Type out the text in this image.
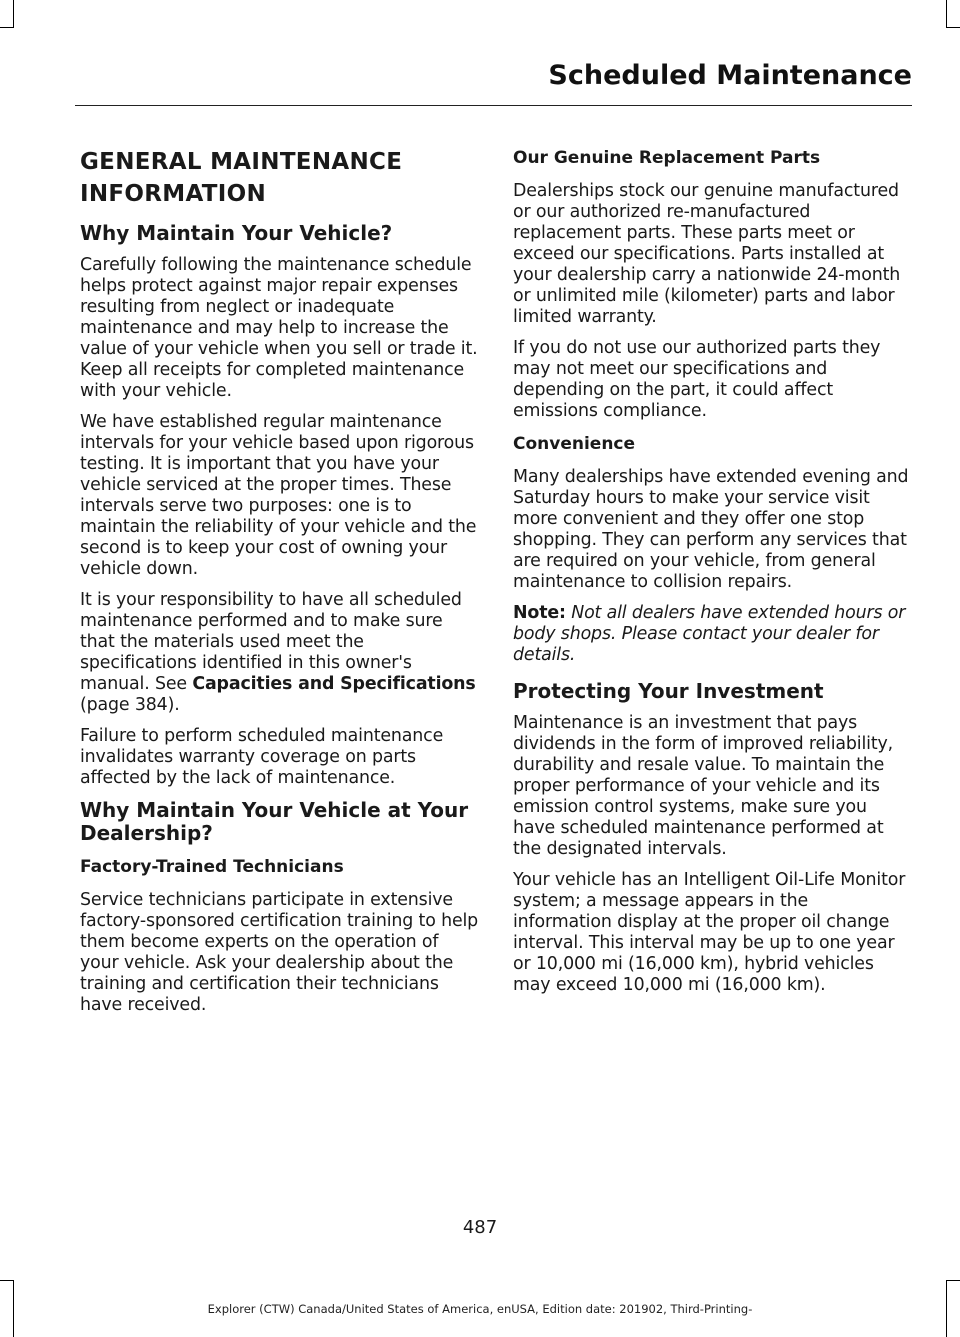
Scheduled Maintenance
GENERAL MAINTENANCE
INFORMATION
Why Maintain Your Vehicle?

Carefully following the maintenance schedule helps protect against major repair expenses resulting from neglect or inadequate maintenance and may help to increase the value of your vehicle when you sell or trade it. Keep all receipts for completed maintenance with your vehicle.

We have established regular maintenance intervals for your vehicle based upon rigorous testing. It is important that you have your vehicle serviced at the proper times. These intervals serve two purposes: one is to maintain the reliability of your vehicle and the second is to keep your cost of owning your vehicle down.

It is your responsibility to have all scheduled maintenance performed and to make sure that the materials used meet the specifications identified in this owner's manual. See Capacities and Specifications (page 384).

Failure to perform scheduled maintenance invalidates warranty coverage on parts affected by the lack of maintenance.

Why Maintain Your Vehicle at Your Dealership?
Factory-Trained Technicians

Service technicians participate in extensive factory-sponsored certification training to help them become experts on the operation of your vehicle. Ask your dealership about the training and certification their technicians have received.

Our Genuine Replacement Parts

Dealerships stock our genuine manufactured or our authorized re-manufactured replacement parts. These parts meet or exceed our specifications. Parts installed at your dealership carry a nationwide 24-month or unlimited mile (kilometer) parts and labor limited warranty.

If you do not use our authorized parts they may not meet our specifications and depending on the part, it could affect emissions compliance.

Convenience

Many dealerships have extended evening and Saturday hours to make your service visit more convenient and they offer one stop shopping. They can perform any services that are required on your vehicle, from general maintenance to collision repairs.

Note: Not all dealers have extended hours or body shops. Please contact your dealer for details.

Protecting Your Investment

Maintenance is an investment that pays dividends in the form of improved reliability, durability and resale value. To maintain the proper performance of your vehicle and its emission control systems, make sure you have scheduled maintenance performed at the designated intervals.

Your vehicle has an Intelligent Oil-Life Monitor system; a message appears in the information display at the proper oil change interval. This interval may be up to one year or 10,000 mi (16,000 km), hybrid vehicles may exceed 10,000 mi (16,000 km).

487
Explorer (CTW) Canada/United States of America, enUSA, Edition date: 201902, Third-Printing-
